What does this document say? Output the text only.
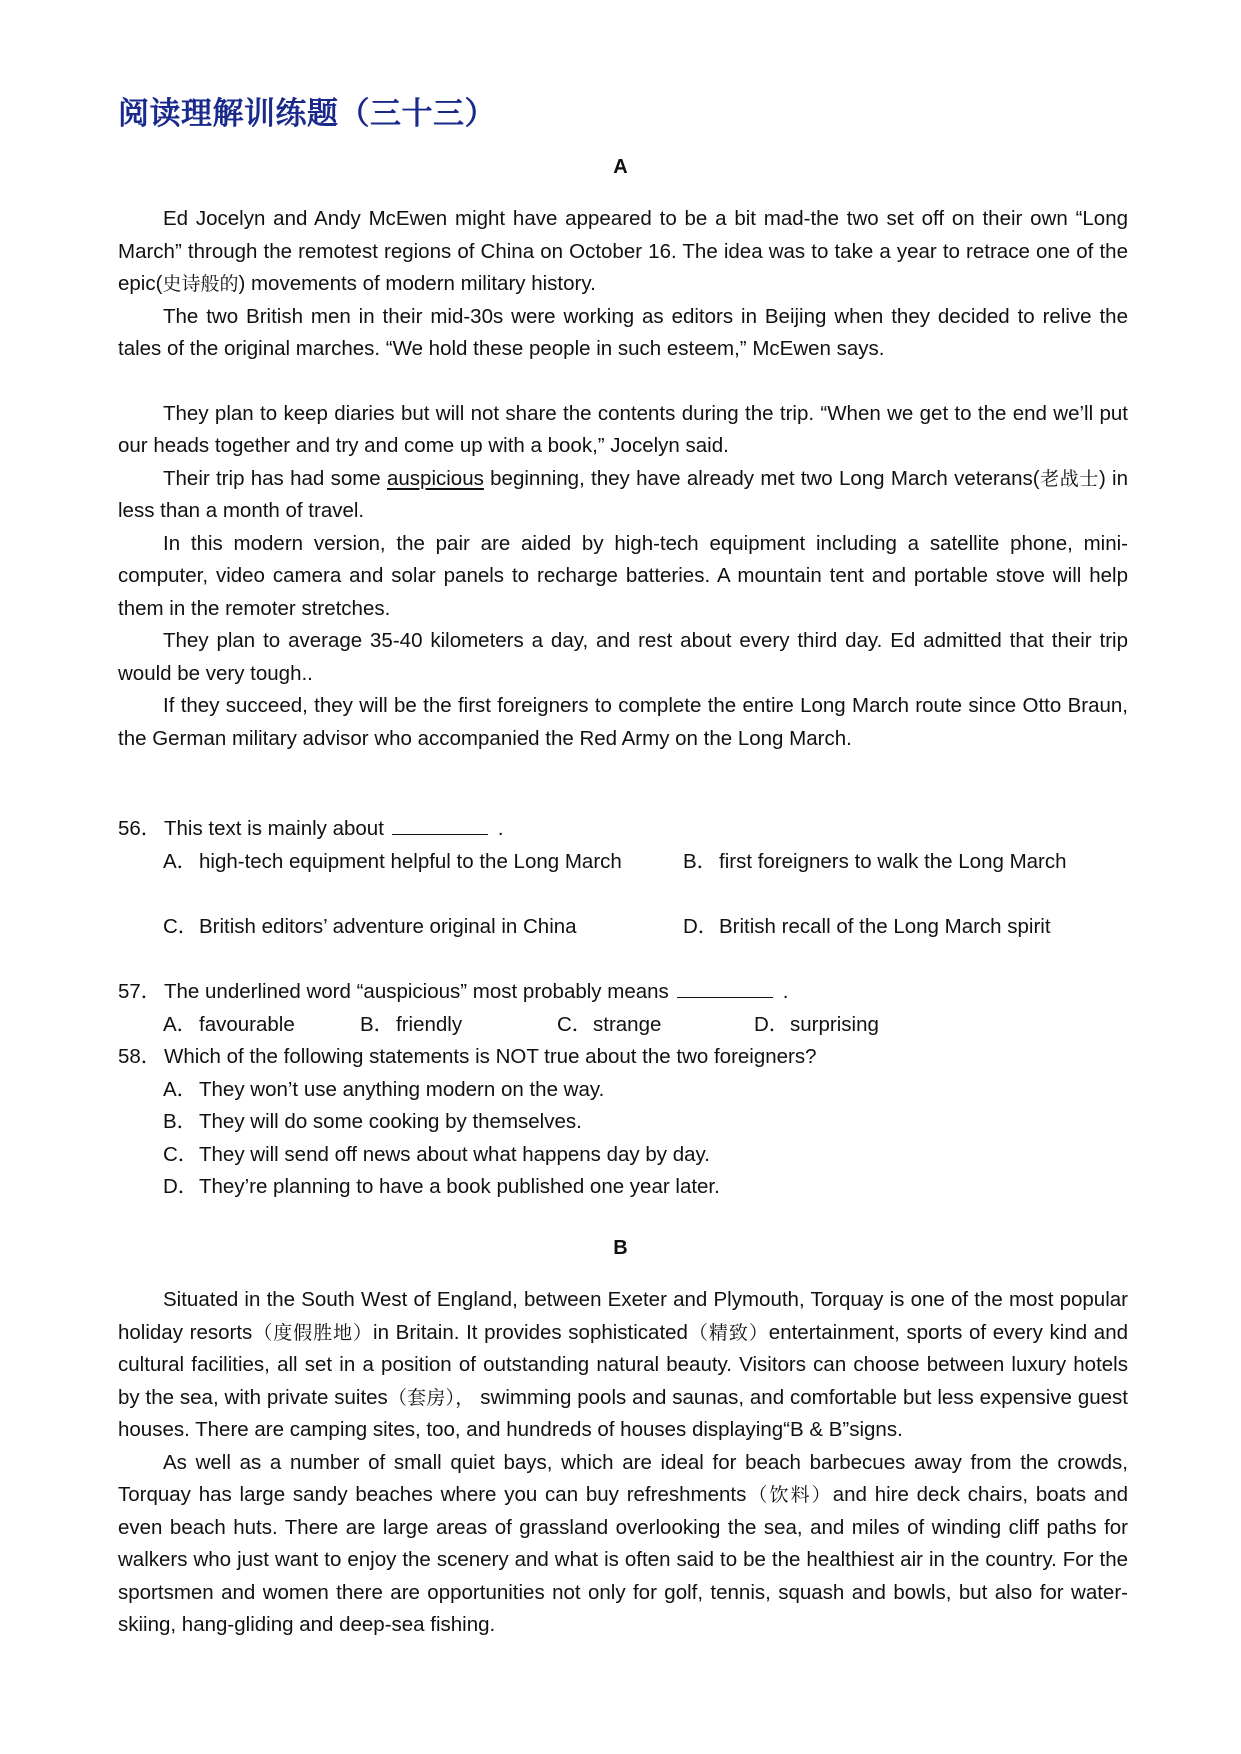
阅读理解训练题（三十三）
A

Ed Jocelyn and Andy McEwen might have appeared to be a bit mad-the two set off on their own “Long March” through the remotest regions of China on October 16. The idea was to take a year to retrace one of the epic(史诗般的) movements of modern military history.

The two British men in their mid-30s were working as editors in Beijing when they decided to relive the tales of the original marches. “We hold these people in such esteem,” McEwen says.

They plan to keep diaries but will not share the contents during the trip. “When we get to the end we’ll put our heads together and try and come up with a book,” Jocelyn said.

Their trip has had some auspicious beginning, they have already met two Long March veterans(老战士) in less than a month of travel.

In this modern version, the pair are aided by high-tech equipment including a satellite phone, mini-computer, video camera and solar panels to recharge batteries. A mountain tent and portable stove will help them in the remoter stretches.

They plan to average 35-40 kilometers a day, and rest about every third day. Ed admitted that their trip would be very tough..

If they succeed, they will be the first foreigners to complete the entire Long March route since Otto Braun, the German military advisor who accompanied the Red Army on the Long March.

56． This text is mainly about	.
A．high-tech equipment helpful to the Long March	B．first foreigners to walk the Long March
C．British editors’ adventure original in China	D．British recall of the Long March spirit
57． The underlined word “auspicious” most probably means	.
A．favourable	B．friendly	C．strange	D．surprising
58． Which of the following statements is NOT true about the two foreigners?
A．They won’t use anything modern on the way.
B．They will do some cooking by themselves.
C．They will send off news about what happens day by day.
D．They’re planning to have a book published one year later.
B

Situated in the South West of England, between Exeter and Plymouth, Torquay is one of the most popular holiday resorts（度假胜地）in Britain. It provides sophisticated（精致）entertainment, sports of every kind and cultural facilities, all set in a position of outstanding natural beauty. Visitors can choose between luxury hotels by the sea, with private suites（套房）， swimming pools and saunas, and comfortable but less expensive guest houses. There are camping sites, too, and hundreds of houses displaying“B & B”signs.

As well as a number of small quiet bays, which are ideal for beach barbecues away from the crowds, Torquay has large sandy beaches where you can buy refreshments（饮料）and hire deck chairs, boats and even beach huts. There are large areas of grassland overlooking the sea, and miles of winding cliff paths for walkers who just want to enjoy the scenery and what is often said to be the healthiest air in the country. For the sportsmen and women there are opportunities not only for golf, tennis, squash and bowls, but also for water-skiing, hang-gliding and deep-sea fishing.
